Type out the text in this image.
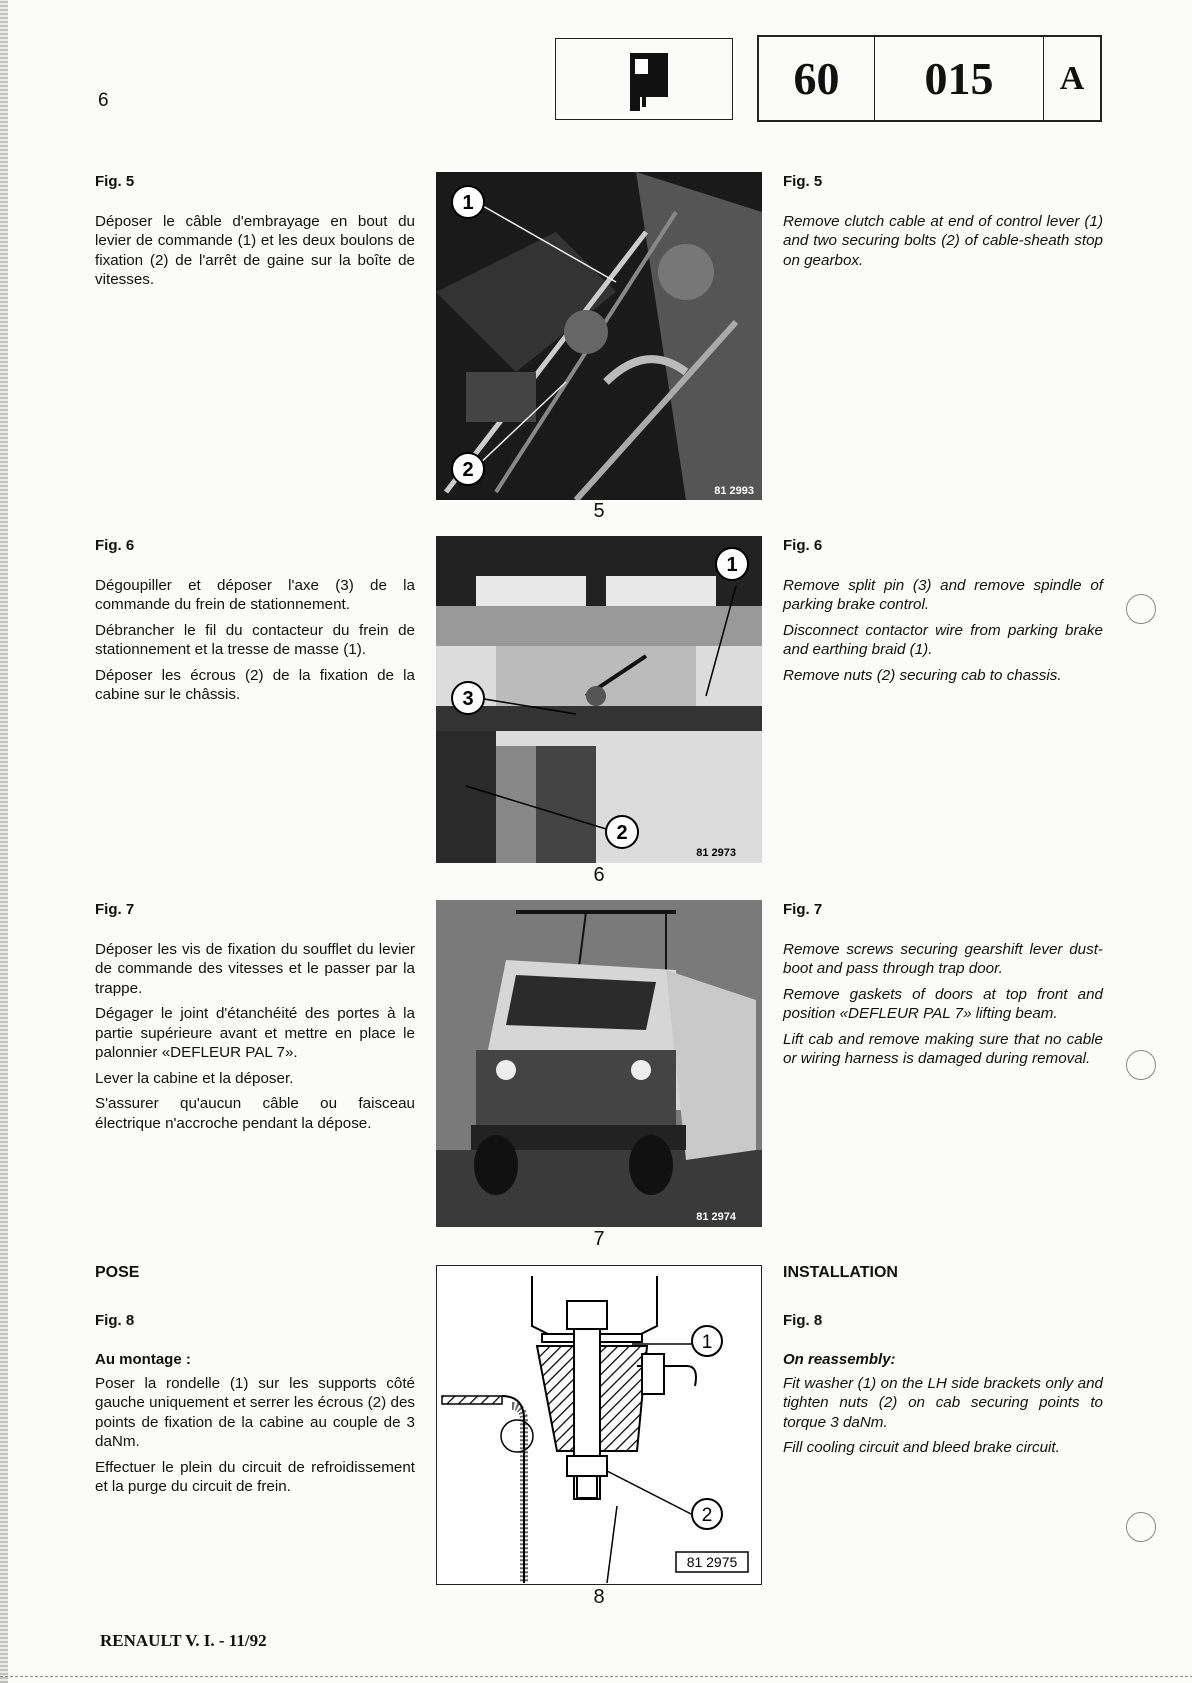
6	60	015	A
Fig. 5

Déposer le câble d'embrayage en bout du levier de commande (1) et les deux boulons de fixation (2) de l'arrêt de gaine sur la boîte de vitesses.

Fig. 5

Remove clutch cable at end of control lever (1) and two securing bolts (2) of cable-sheath stop on gearbox.

1
2
81 2993
5
Fig. 6

Dégoupiller et déposer l'axe (3) de la commande du frein de stationnement.

Débrancher le fil du contacteur du frein de stationnement et la tresse de masse (1).

Déposer les écrous (2) de la fixation de la cabine sur le châssis.

Fig. 6

Remove split pin (3) and remove spindle of parking brake control.

Disconnect contactor wire from parking brake and earthing braid (1).

Remove nuts (2) securing cab to chassis.

1
3
2
81 2973
6
Fig. 7

Déposer les vis de fixation du soufflet du levier de commande des vitesses et le passer par la trappe.

Dégager le joint d'étanchéité des portes à la partie supérieure avant et mettre en place le palonnier «DEFLEUR PAL 7».

Lever la cabine et la déposer.

S'assurer qu'aucun câble ou faisceau électrique n'accroche pendant la dépose.

Fig. 7

Remove screws securing gearshift lever dust-boot and pass through trap door.

Remove gaskets of doors at top front and position «DEFLEUR PAL 7» lifting beam.

Lift cab and remove making sure that no cable or wiring harness is damaged during removal.

81 2974
7
POSE
Fig. 8
Au montage :

Poser la rondelle (1) sur les supports côté gauche uniquement et serrer les écrous (2) des points de fixation de la cabine au couple de 3 daNm.

Effectuer le plein du circuit de refroidissement et la purge du circuit de frein.

INSTALLATION
Fig. 8
On reassembly:

Fit washer (1) on the LH side brackets only and tighten nuts (2) on cab securing points to torque 3 daNm.

Fill cooling circuit and bleed brake circuit.

1
2
81 2975
8
RENAULT V. I. - 11/92
